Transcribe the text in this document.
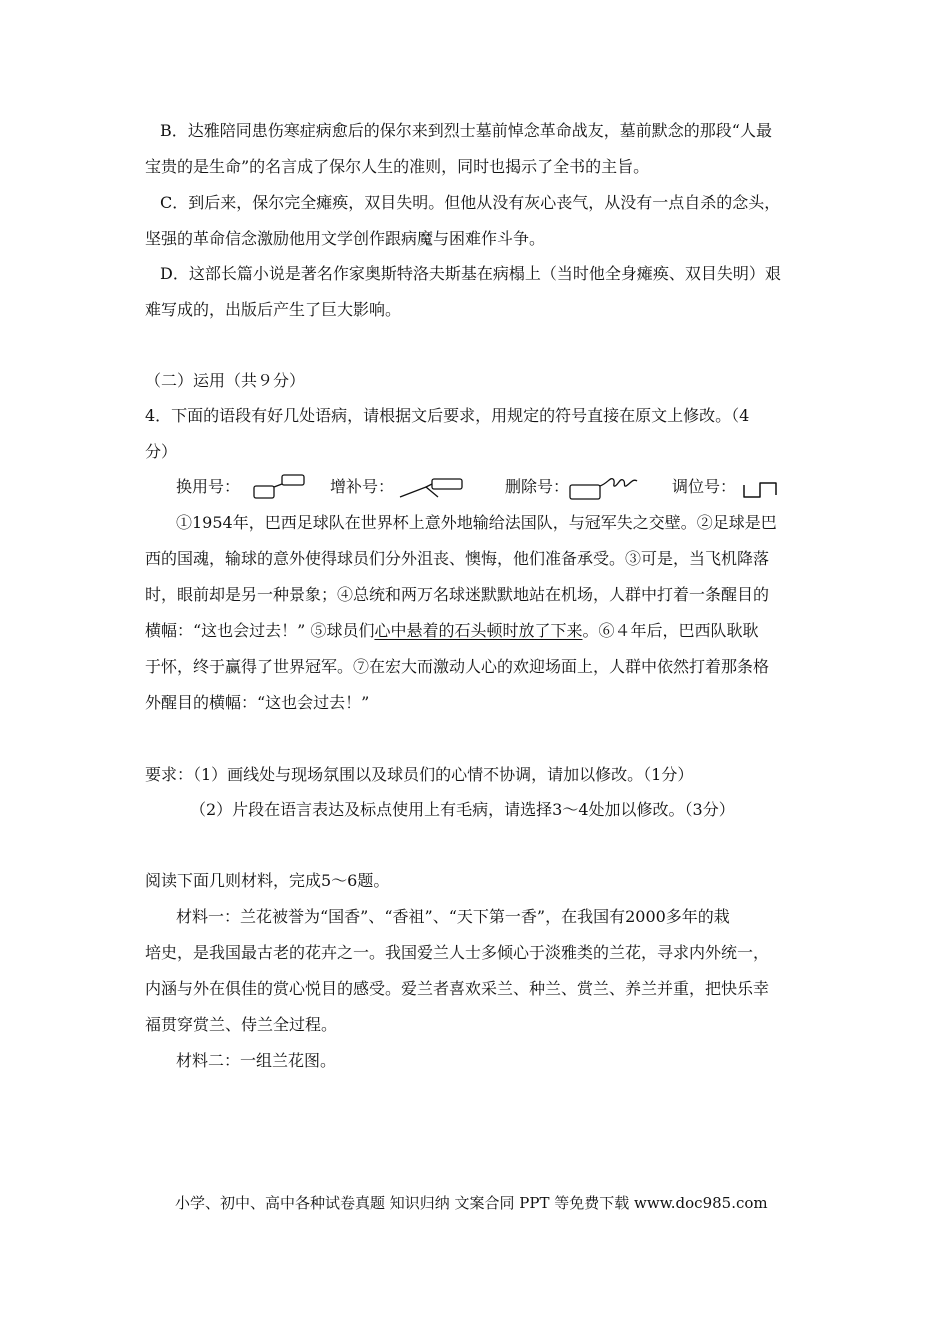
B．达雅陪同患伤寒症病愈后的保尔来到烈士墓前悼念革命战友，墓前默念的那段“人最
宝贵的是生命”的名言成了保尔人生的准则，同时也揭示了全书的主旨。
C．到后来，保尔完全瘫痪，双目失明。但他从没有灰心丧气，从没有一点自杀的念头，
坚强的革命信念激励他用文学创作跟病魔与困难作斗争。
D．这部长篇小说是著名作家奥斯特洛夫斯基在病榻上（当时他全身瘫痪、双目失明）艰
难写成的，出版后产生了巨大影响。
（二）运用（共９分）
4．下面的语段有好几处语病，请根据文后要求，用规定的符号直接在原文上修改。（4
分）
换用号：	增补号：	删除号：	调位号：
①1954年，巴西足球队在世界杯上意外地输给法国队，与冠军失之交壁。②足球是巴
西的国魂，输球的意外使得球员们分外沮丧、懊悔，他们准备承受。③可是，当飞机降落
时，眼前却是另一种景象；④总统和两万名球迷默默地站在机场，人群中打着一条醒目的
横幅：“这也会过去！” ⑤球员们心中悬着的石头顿时放了下来。⑥４年后，巴西队耿耿
于怀，终于赢得了世界冠军。⑦在宏大而激动人心的欢迎场面上，人群中依然打着那条格
外醒目的横幅：“这也会过去！”
要求：（1）画线处与现场氛围以及球员们的心情不协调，请加以修改。（1分）
（2）片段在语言表达及标点使用上有毛病，请选择3～4处加以修改。（3分）
阅读下面几则材料，完成5～6题。
材料一：兰花被誉为“国香”、“香祖”、“天下第一香”，在我国有2000多年的栽
培史，是我国最古老的花卉之一。我国爱兰人士多倾心于淡雅类的兰花，寻求内外统一，
内涵与外在俱佳的赏心悦目的感受。爱兰者喜欢采兰、种兰、赏兰、养兰并重，把快乐幸
福贯穿赏兰、侍兰全过程。
材料二：一组兰花图。
小学、初中、高中各种试卷真题 知识归纳 文案合同 PPT 等免费下载 www.doc985.com
